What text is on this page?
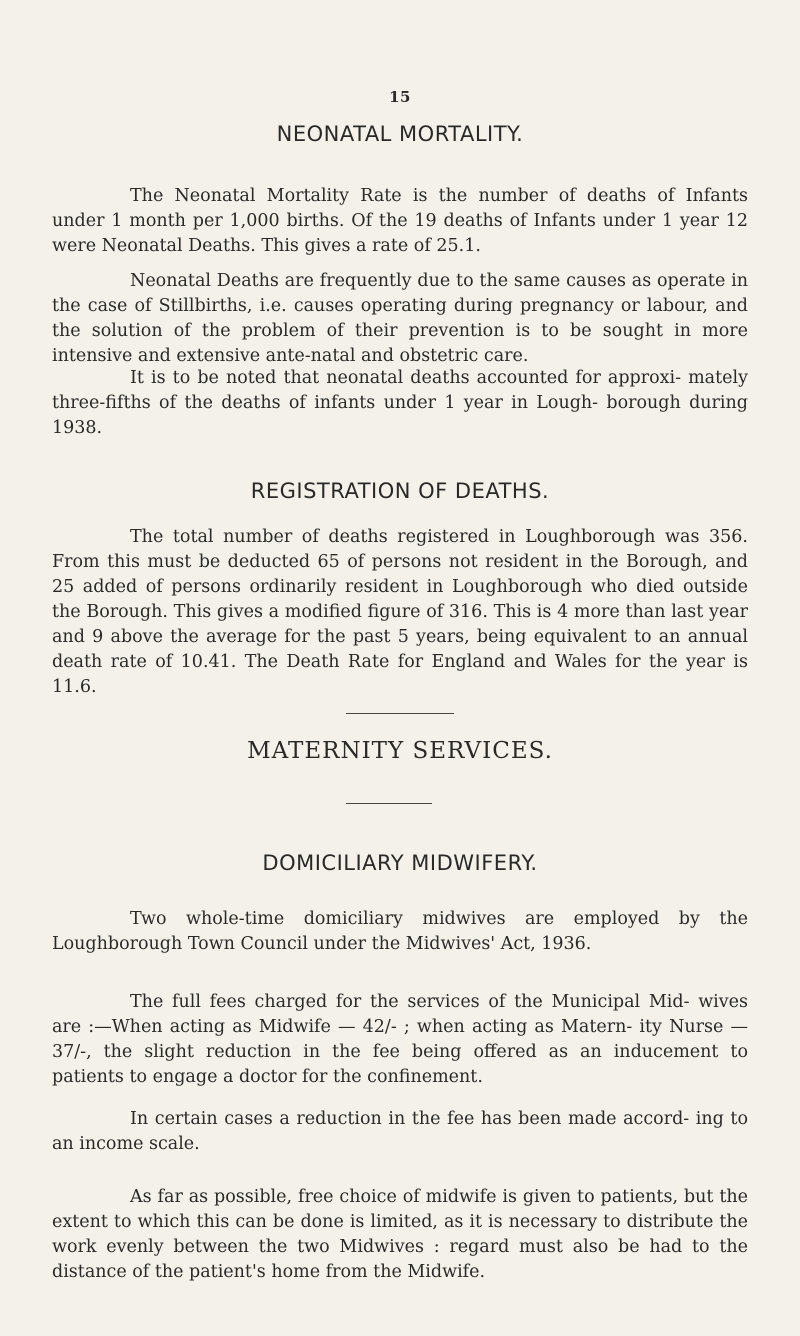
15
NEONATAL MORTALITY.

The Neonatal Mortality Rate is the number of deaths of Infants under 1 month per 1,000 births. Of the 19 deaths of Infants under 1 year 12 were Neonatal Deaths. This gives a rate of 25.1.

Neonatal Deaths are frequently due to the same causes as operate in the case of Stillbirths, i.e. causes operating during pregnancy or labour, and the solution of the problem of their prevention is to be sought in more intensive and extensive ante-natal and obstetric care.

It is to be noted that neonatal deaths accounted for approxi- mately three-fifths of the deaths of infants under 1 year in Lough- borough during 1938.

REGISTRATION OF DEATHS.

The total number of deaths registered in Loughborough was 356. From this must be deducted 65 of persons not resident in the Borough, and 25 added of persons ordinarily resident in Loughborough who died outside the Borough. This gives a modified figure of 316. This is 4 more than last year and 9 above the average for the past 5 years, being equivalent to an annual death rate of 10.41. The Death Rate for England and Wales for the year is 11.6.

MATERNITY SERVICES.
DOMICILIARY MIDWIFERY.

Two whole-time domiciliary midwives are employed by the Loughborough Town Council under the Midwives' Act, 1936.

The full fees charged for the services of the Municipal Mid- wives are :—When acting as Midwife — 42/- ; when acting as Matern- ity Nurse — 37/-, the slight reduction in the fee being offered as an inducement to patients to engage a doctor for the confinement.

In certain cases a reduction in the fee has been made accord- ing to an income scale.

As far as possible, free choice of midwife is given to patients, but the extent to which this can be done is limited, as it is necessary to distribute the work evenly between the two Midwives : regard must also be had to the distance of the patient's home from the Midwife.
